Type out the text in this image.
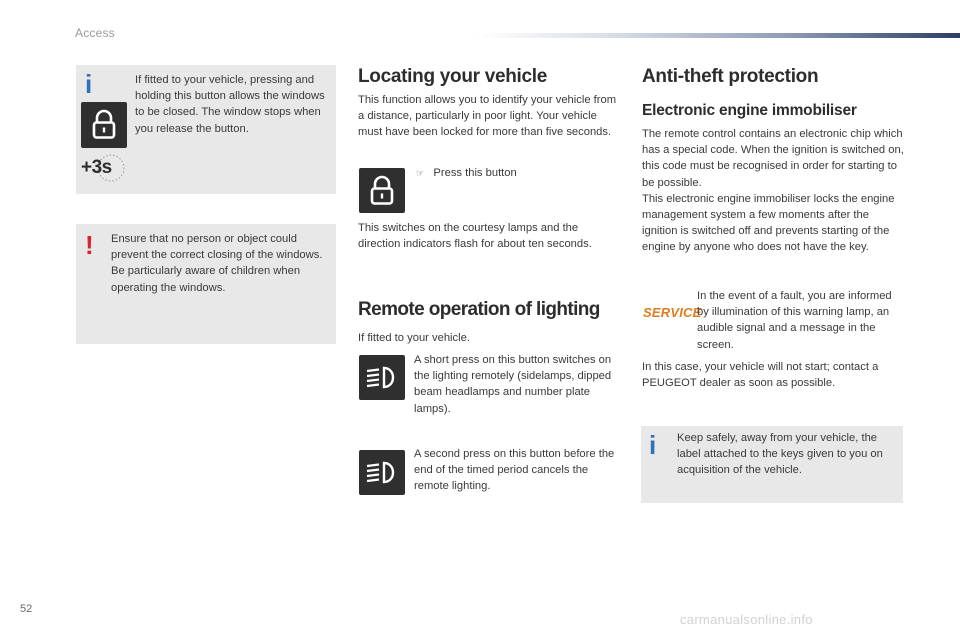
Access
i
+3s
If fitted to your vehicle, pressing and holding this button allows the windows to be closed. The window stops when you release the button.
! Ensure that no person or object could prevent the correct closing of the windows.

Be particularly aware of children when operating the windows.

Locating your vehicle
This function allows you to identify your vehicle from a distance, particularly in poor light. Your vehicle must have been locked for more than five seconds.
☞ Press this button
This switches on the courtesy lamps and the direction indicators flash for about ten seconds.
Remote operation of lighting
If fitted to your vehicle.
A short press on this button switches on the lighting remotely (sidelamps, dipped beam headlamps and number plate lamps).
A second press on this button before the end of the timed period cancels the remote lighting.
Anti-theft protection
Electronic engine immobiliser

The remote control contains an electronic chip which has a special code. When the ignition is switched on, this code must be recognised in order for starting to be possible.

This electronic engine immobiliser locks the engine management system a few moments after the ignition is switched off and prevents starting of the engine by anyone who does not have the key.

SERVICE
In the event of a fault, you are informed by illumination of this warning lamp, an audible signal and a message in the screen.
In this case, your vehicle will not start; contact a PEUGEOT dealer as soon as possible.
i Keep safely, away from your vehicle, the label attached to the keys given to you on acquisition of the vehicle.
52
carmanualsonline.info
